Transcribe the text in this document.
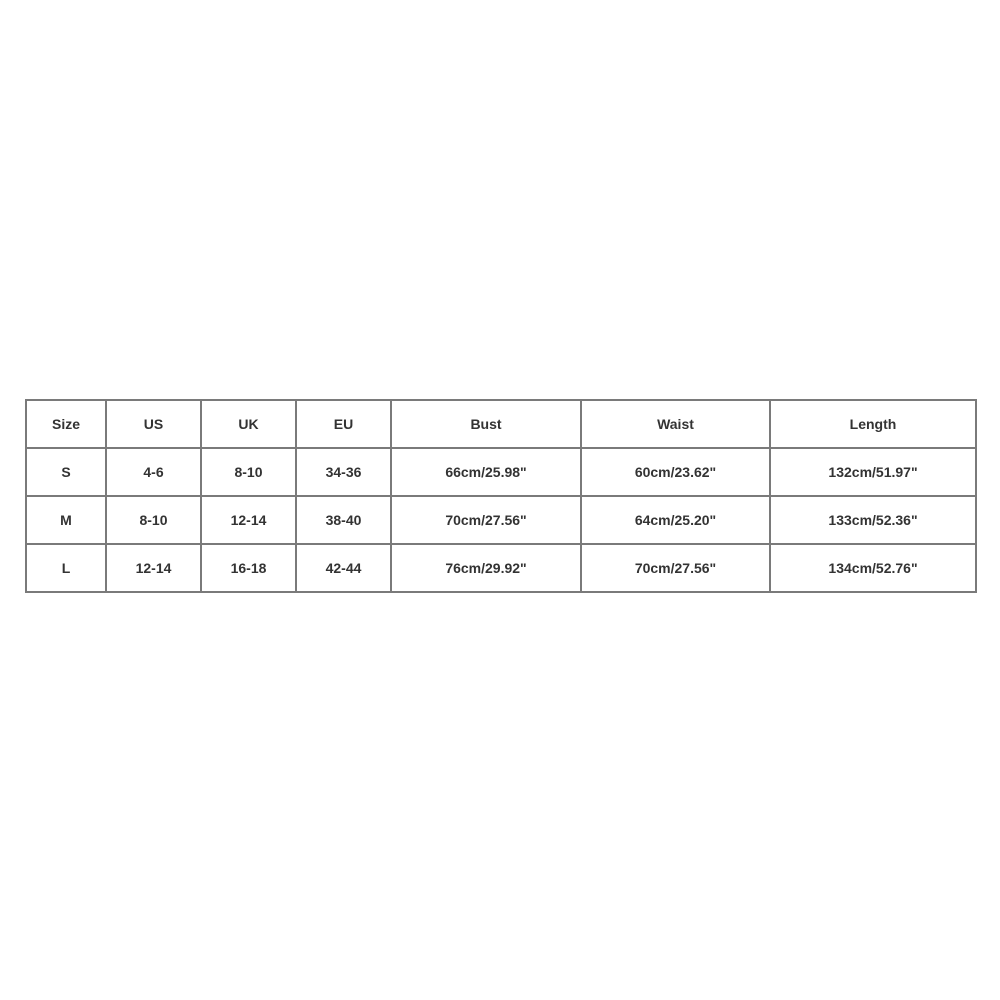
Size	US	UK	EU	Bust	Waist	Length
S	4-6	8-10	34-36	66cm/25.98"	60cm/23.62"	132cm/51.97"
M	8-10	12-14	38-40	70cm/27.56"	64cm/25.20"	133cm/52.36"
L	12-14	16-18	42-44	76cm/29.92"	70cm/27.56"	134cm/52.76"
